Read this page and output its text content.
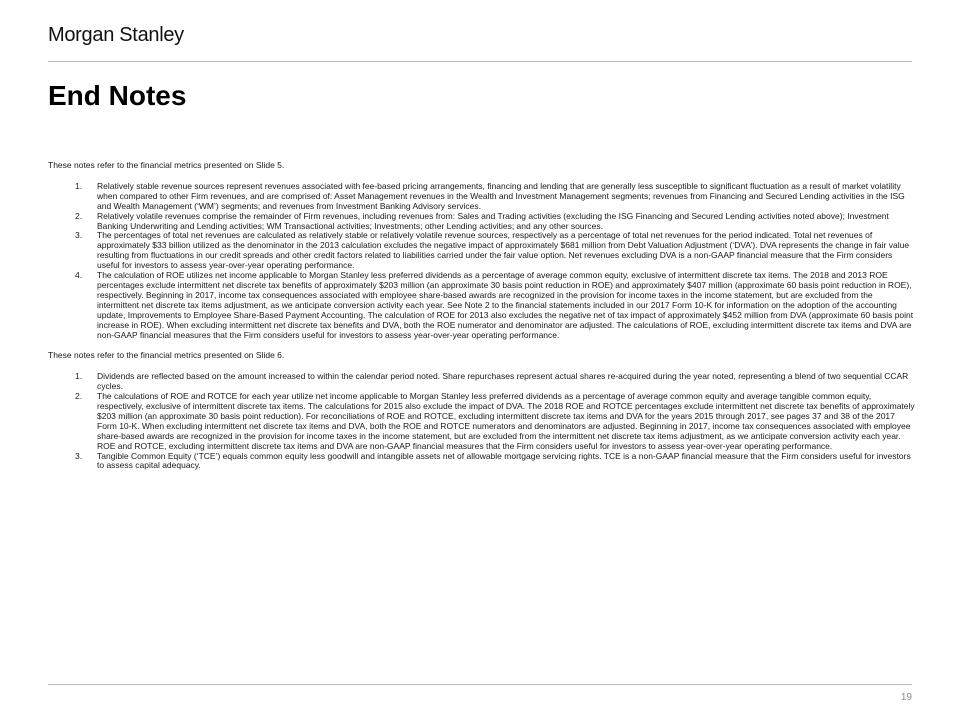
Morgan Stanley
End Notes

These notes refer to the financial metrics presented on Slide 5.

1. Relatively stable revenue sources represent revenues associated with fee-based pricing arrangements, financing and lending that are generally less susceptible to significant fluctuation as a result of market volatility when compared to other Firm revenues, and are comprised of: Asset Management revenues in the Wealth and Investment Management segments; revenues from Financing and Secured Lending activities in the ISG and Wealth Management (‘WM’) segments; and revenues from Investment Banking Advisory services.
2. Relatively volatile revenues comprise the remainder of Firm revenues, including revenues from: Sales and Trading activities (excluding the ISG Financing and Secured Lending activities noted above); Investment Banking Underwriting and Lending activities; WM Transactional activities; Investments; other Lending activities; and any other sources.
3. The percentages of total net revenues are calculated as relatively stable or relatively volatile revenue sources, respectively as a percentage of total net revenues for the period indicated. Total net revenues of approximately $33 billion utilized as the denominator in the 2013 calculation excludes the negative impact of approximately $681 million from Debt Valuation Adjustment (‘DVA’). DVA represents the change in fair value resulting from fluctuations in our credit spreads and other credit factors related to liabilities carried under the fair value option. Net revenues excluding DVA is a non-GAAP financial measure that the Firm considers useful for investors to assess year-over-year operating performance.
4. The calculation of ROE utilizes net income applicable to Morgan Stanley less preferred dividends as a percentage of average common equity, exclusive of intermittent discrete tax items. The 2018 and 2013 ROE percentages exclude intermittent net discrete tax benefits of approximately $203 million (an approximate 30 basis point reduction in ROE) and approximately $407 million (approximate 60 basis point reduction in ROE), respectively. Beginning in 2017, income tax consequences associated with employee share-based awards are recognized in the provision for income taxes in the income statement, but are excluded from the intermittent net discrete tax items adjustment, as we anticipate conversion activity each year. See Note 2 to the financial statements included in our 2017 Form 10-K for information on the adoption of the accounting update, Improvements to Employee Share-Based Payment Accounting. The calculation of ROE for 2013 also excludes the negative net of tax impact of approximately $452 million from DVA (approximate 60 basis point increase in ROE). When excluding intermittent net discrete tax benefits and DVA, both the ROE numerator and denominator are adjusted. The calculations of ROE, excluding intermittent discrete tax items and DVA are non-GAAP financial measures that the Firm considers useful for investors to assess year-over-year operating performance.

These notes refer to the financial metrics presented on Slide 6.

1. Dividends are reflected based on the amount increased to within the calendar period noted. Share repurchases represent actual shares re-acquired during the year noted, representing a blend of two sequential CCAR cycles.
2. The calculations of ROE and ROTCE for each year utilize net income applicable to Morgan Stanley less preferred dividends as a percentage of average common equity and average tangible common equity, respectively, exclusive of intermittent discrete tax items. The calculations for 2015 also exclude the impact of DVA. The 2018 ROE and ROTCE percentages exclude intermittent net discrete tax benefits of approximately $203 million (an approximate 30 basis point reduction). For reconciliations of ROE and ROTCE, excluding intermittent discrete tax items and DVA for the years 2015 through 2017, see pages 37 and 38 of the 2017 Form 10-K. When excluding intermittent net discrete tax items and DVA, both the ROE and ROTCE numerators and denominators are adjusted. Beginning in 2017, income tax consequences associated with employee share-based awards are recognized in the provision for income taxes in the income statement, but are excluded from the intermittent net discrete tax items adjustment, as we anticipate conversion activity each year. ROE and ROTCE, excluding intermittent discrete tax items and DVA are non-GAAP financial measures that the Firm considers useful for investors to assess year-over-year operating performance.
3. Tangible Common Equity (‘TCE’) equals common equity less goodwill and intangible assets net of allowable mortgage servicing rights. TCE is a non-GAAP financial measure that the Firm considers useful for investors to assess capital adequacy.
19
